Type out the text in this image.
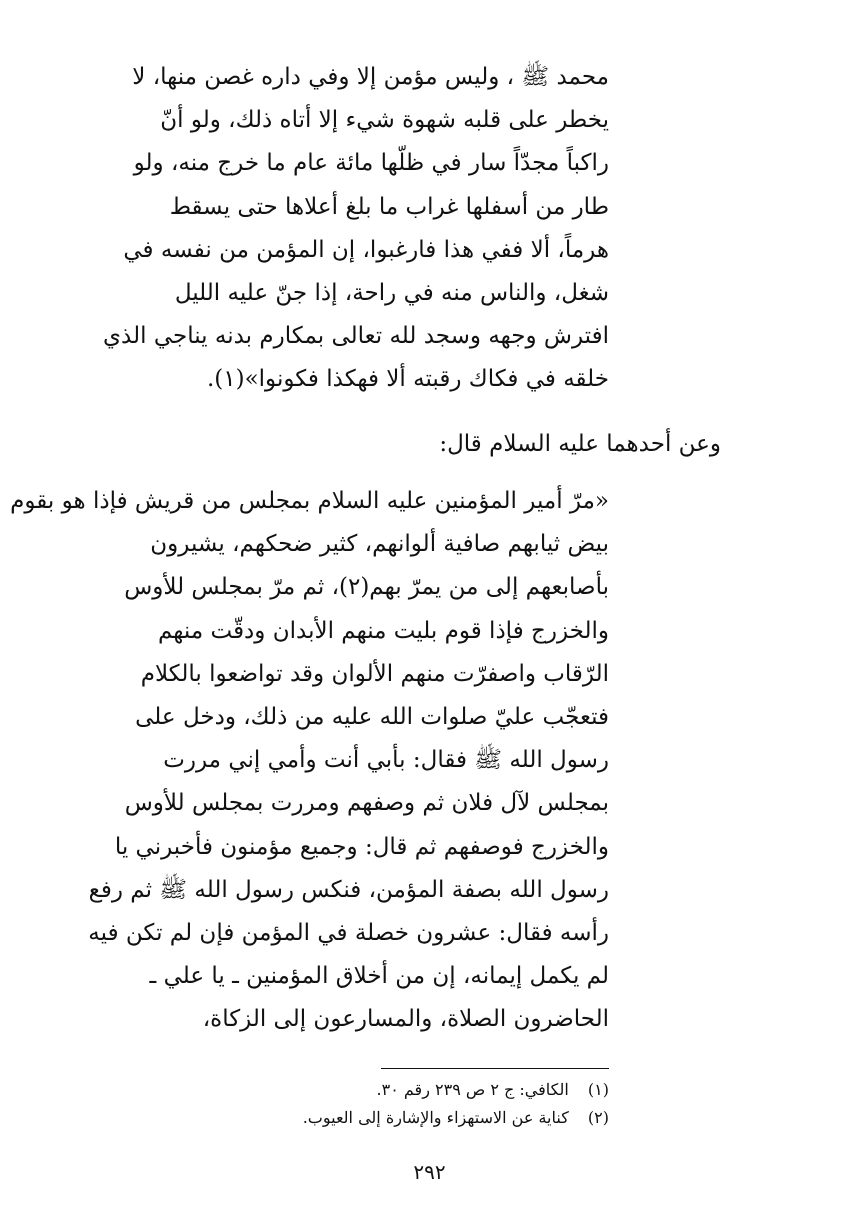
محمد ﷺ ، وليس مؤمن إلا وفي داره غصن منها، لا
يخطر على قلبه شهوة شيء إلا أتاه ذلك، ولو أنّ
راكباً مجدّاً سار في ظلّها مائة عام ما خرج منه، ولو
طار من أسفلها غراب ما بلغ أعلاها حتى يسقط
هرماً، ألا ففي هذا فارغبوا، إن المؤمن من نفسه في
شغل، والناس منه في راحة، إذا جنّ عليه الليل
افترش وجهه وسجد لله تعالى بمكارم بدنه يناجي الذي
خلقه في فكاك رقبته ألا فهكذا فكونوا»(١).
وعن أحدهما عليه السلام قال:
«مرّ أمير المؤمنين عليه السلام بمجلس من قريش فإذا هو بقوم
بيض ثيابهم صافية ألوانهم، كثير ضحكهم، يشيرون
بأصابعهم إلى من يمرّ بهم(٢)، ثم مرّ بمجلس للأوس
والخزرج فإذا قوم بليت منهم الأبدان ودقّت منهم
الرّقاب واصفرّت منهم الألوان وقد تواضعوا بالكلام
فتعجّب عليّ صلوات الله عليه من ذلك، ودخل على
رسول الله ﷺ فقال: بأبي أنت وأمي إني مررت
بمجلس لآل فلان ثم وصفهم ومررت بمجلس للأوس
والخزرج فوصفهم ثم قال: وجميع مؤمنون فأخبرني يا
رسول الله بصفة المؤمن، فنكس رسول الله ﷺ ثم رفع
رأسه فقال: عشرون خصلة في المؤمن فإن لم تكن فيه
لم يكمل إيمانه، إن من أخلاق المؤمنين ـ يا علي ـ
الحاضرون الصلاة، والمسارعون إلى الزكاة،
(١) الكافي: ج ٢ ص ٢٣٩ رقم ٣٠.
(٢) كناية عن الاستهزاء والإشارة إلى العيوب.
٢٩٢
